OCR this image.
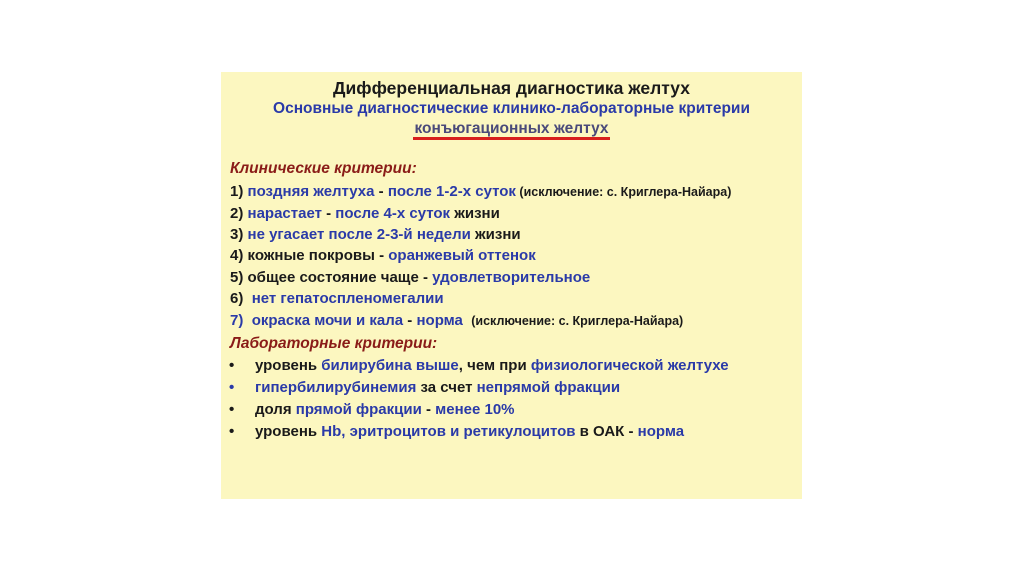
Дифференциальная диагностика желтух
Основные диагностические клинико-лабораторные критерии
конъюгационных желтух
Клинические критерии:
1) поздняя желтуха - после 1-2-х суток (исключение: с. Криглера-Найара)
2) нарастает - после 4-х суток жизни
3) не угасает после 2-3-й недели жизни
4) кожные покровы - оранжевый оттенок
5) общее состояние чаще - удовлетворительное
6) нет гепатоспленомегалии
7) окраска мочи и кала - норма (исключение: с. Криглера-Найара)
Лабораторные критерии:
• уровень билирубина выше, чем при физиологической желтухе
• гипербилирубинемия за счет непрямой фракции
• доля прямой фракции - менее 10%
• уровень Hb, эритроцитов и ретикулоцитов в ОАК - норма
